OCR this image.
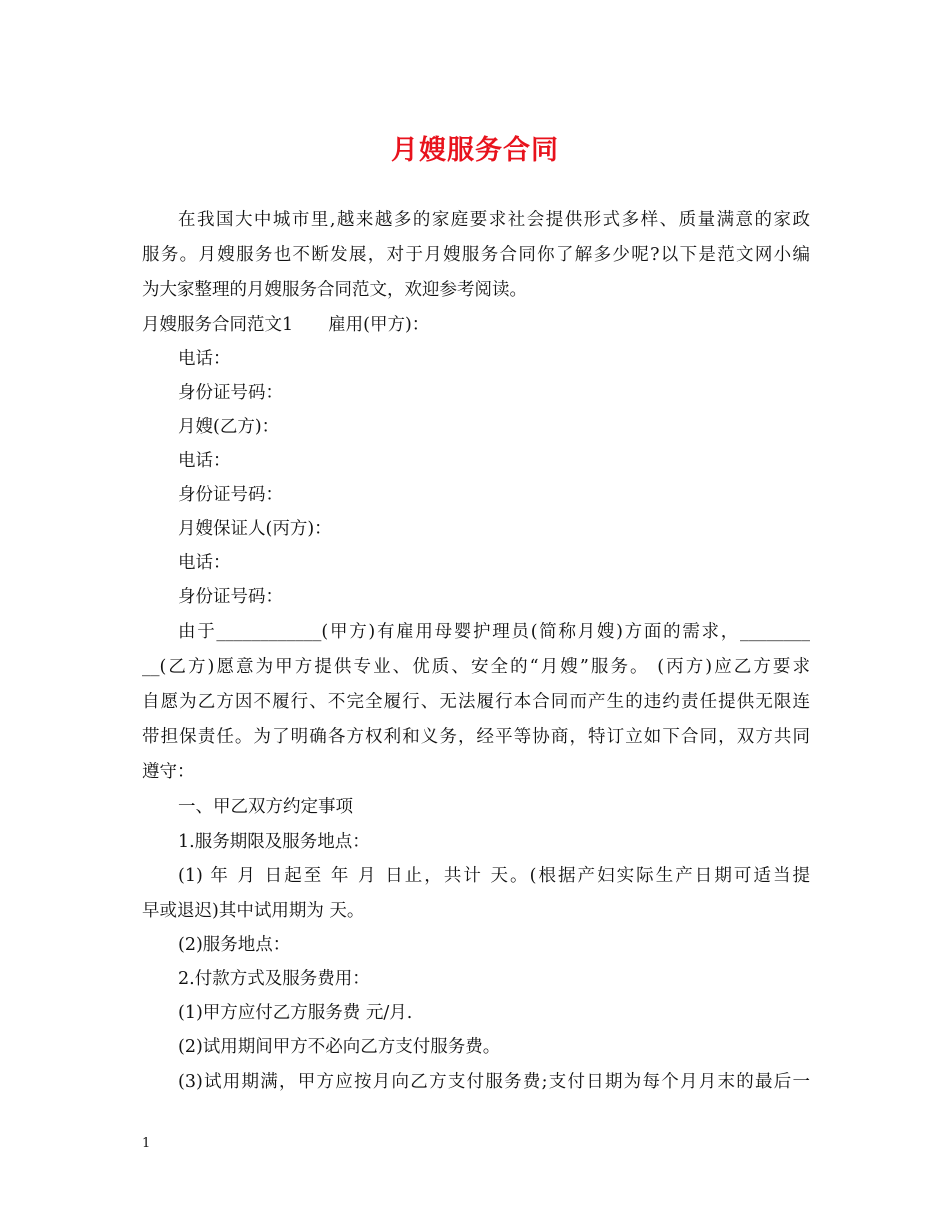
月嫂服务合同
在我国大中城市里,越来越多的家庭要求社会提供形式多样、质量满意的家政
服务。月嫂服务也不断发展，对于月嫂服务合同你了解多少呢?以下是范文网小编
为大家整理的月嫂服务合同范文，欢迎参考阅读。
月嫂服务合同范文1　　雇用(甲方)：
电话：
身份证号码：
月嫂(乙方)：
电话：
身份证号码：
月嫂保证人(丙方)：
电话：
身份证号码：
由于____________(甲方)有雇用母婴护理员(简称月嫂)方面的需求，________
__(乙方)愿意为甲方提供专业、优质、安全的“月嫂”服务。 (丙方)应乙方要求
自愿为乙方因不履行、不完全履行、无法履行本合同而产生的违约责任提供无限连
带担保责任。为了明确各方权利和义务，经平等协商，特订立如下合同，双方共同
遵守：
一、甲乙双方约定事项
1.服务期限及服务地点：
(1) 年 月 日起至 年 月 日止，共计 天。(根据产妇实际生产日期可适当提
早或退迟)其中试用期为 天。
(2)服务地点：
2.付款方式及服务费用：
(1)甲方应付乙方服务费 元/月.
(2)试用期间甲方不必向乙方支付服务费。
(3)试用期满，甲方应按月向乙方支付服务费;支付日期为每个月月末的最后一
1
